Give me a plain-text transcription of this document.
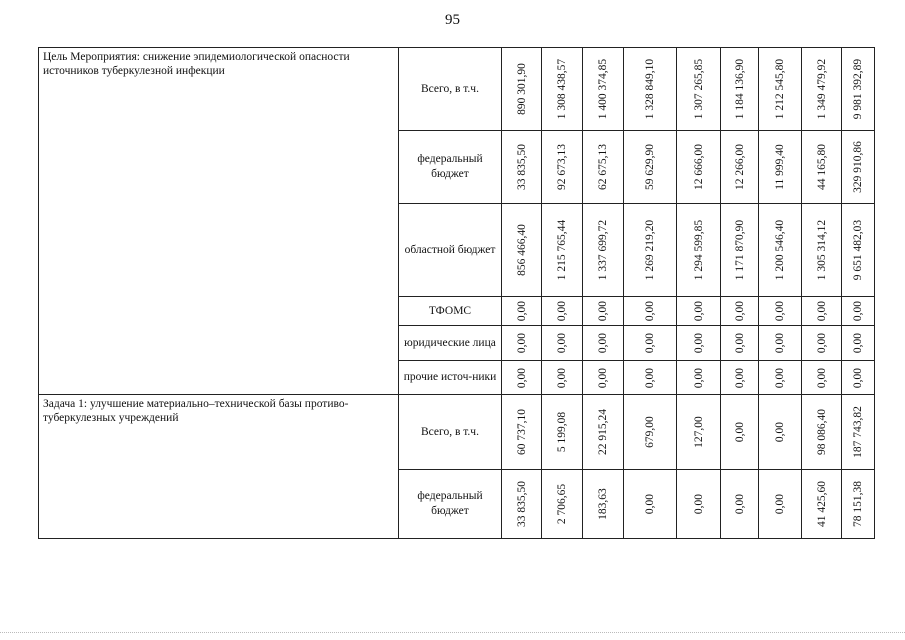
95
Цель Мероприятия: снижение эпидемиологической опасности источников туберкулезной инфекции	Всего, в т.ч.	890 301,90	1 308 438,57	1 400 374,85	1 328 849,10	1 307 265,85	1 184 136,90	1 212 545,80	1 349 479,92	9 981 392,89

	федеральный бюджет	33 835,50	92 673,13	62 675,13	59 629,90	12 666,00	12 266,00	11 999,40	44 165,80	329 910,86

	областной бюджет	856 466,40	1 215 765,44	1 337 699,72	1 269 219,20	1 294 599,85	1 171 870,90	1 200 546,40	1 305 314,12	9 651 482,03

	ТФОМС	0,00	0,00	0,00	0,00	0,00	0,00	0,00	0,00	0,00

	юридические лица	0,00	0,00	0,00	0,00	0,00	0,00	0,00	0,00	0,00

	прочие источ-ники	0,00	0,00	0,00	0,00	0,00	0,00	0,00	0,00	0,00

Задача 1: улучшение материально–технической базы противо-туберкулезных учреждений	Всего, в т.ч.	60 737,10	5 199,08	22 915,24	679,00	127,00	0,00	0,00	98 086,40	187 743,82

	федеральный бюджет	33 835,50	2 706,65	183,63	0,00	0,00	0,00	0,00	41 425,60	78 151,38
